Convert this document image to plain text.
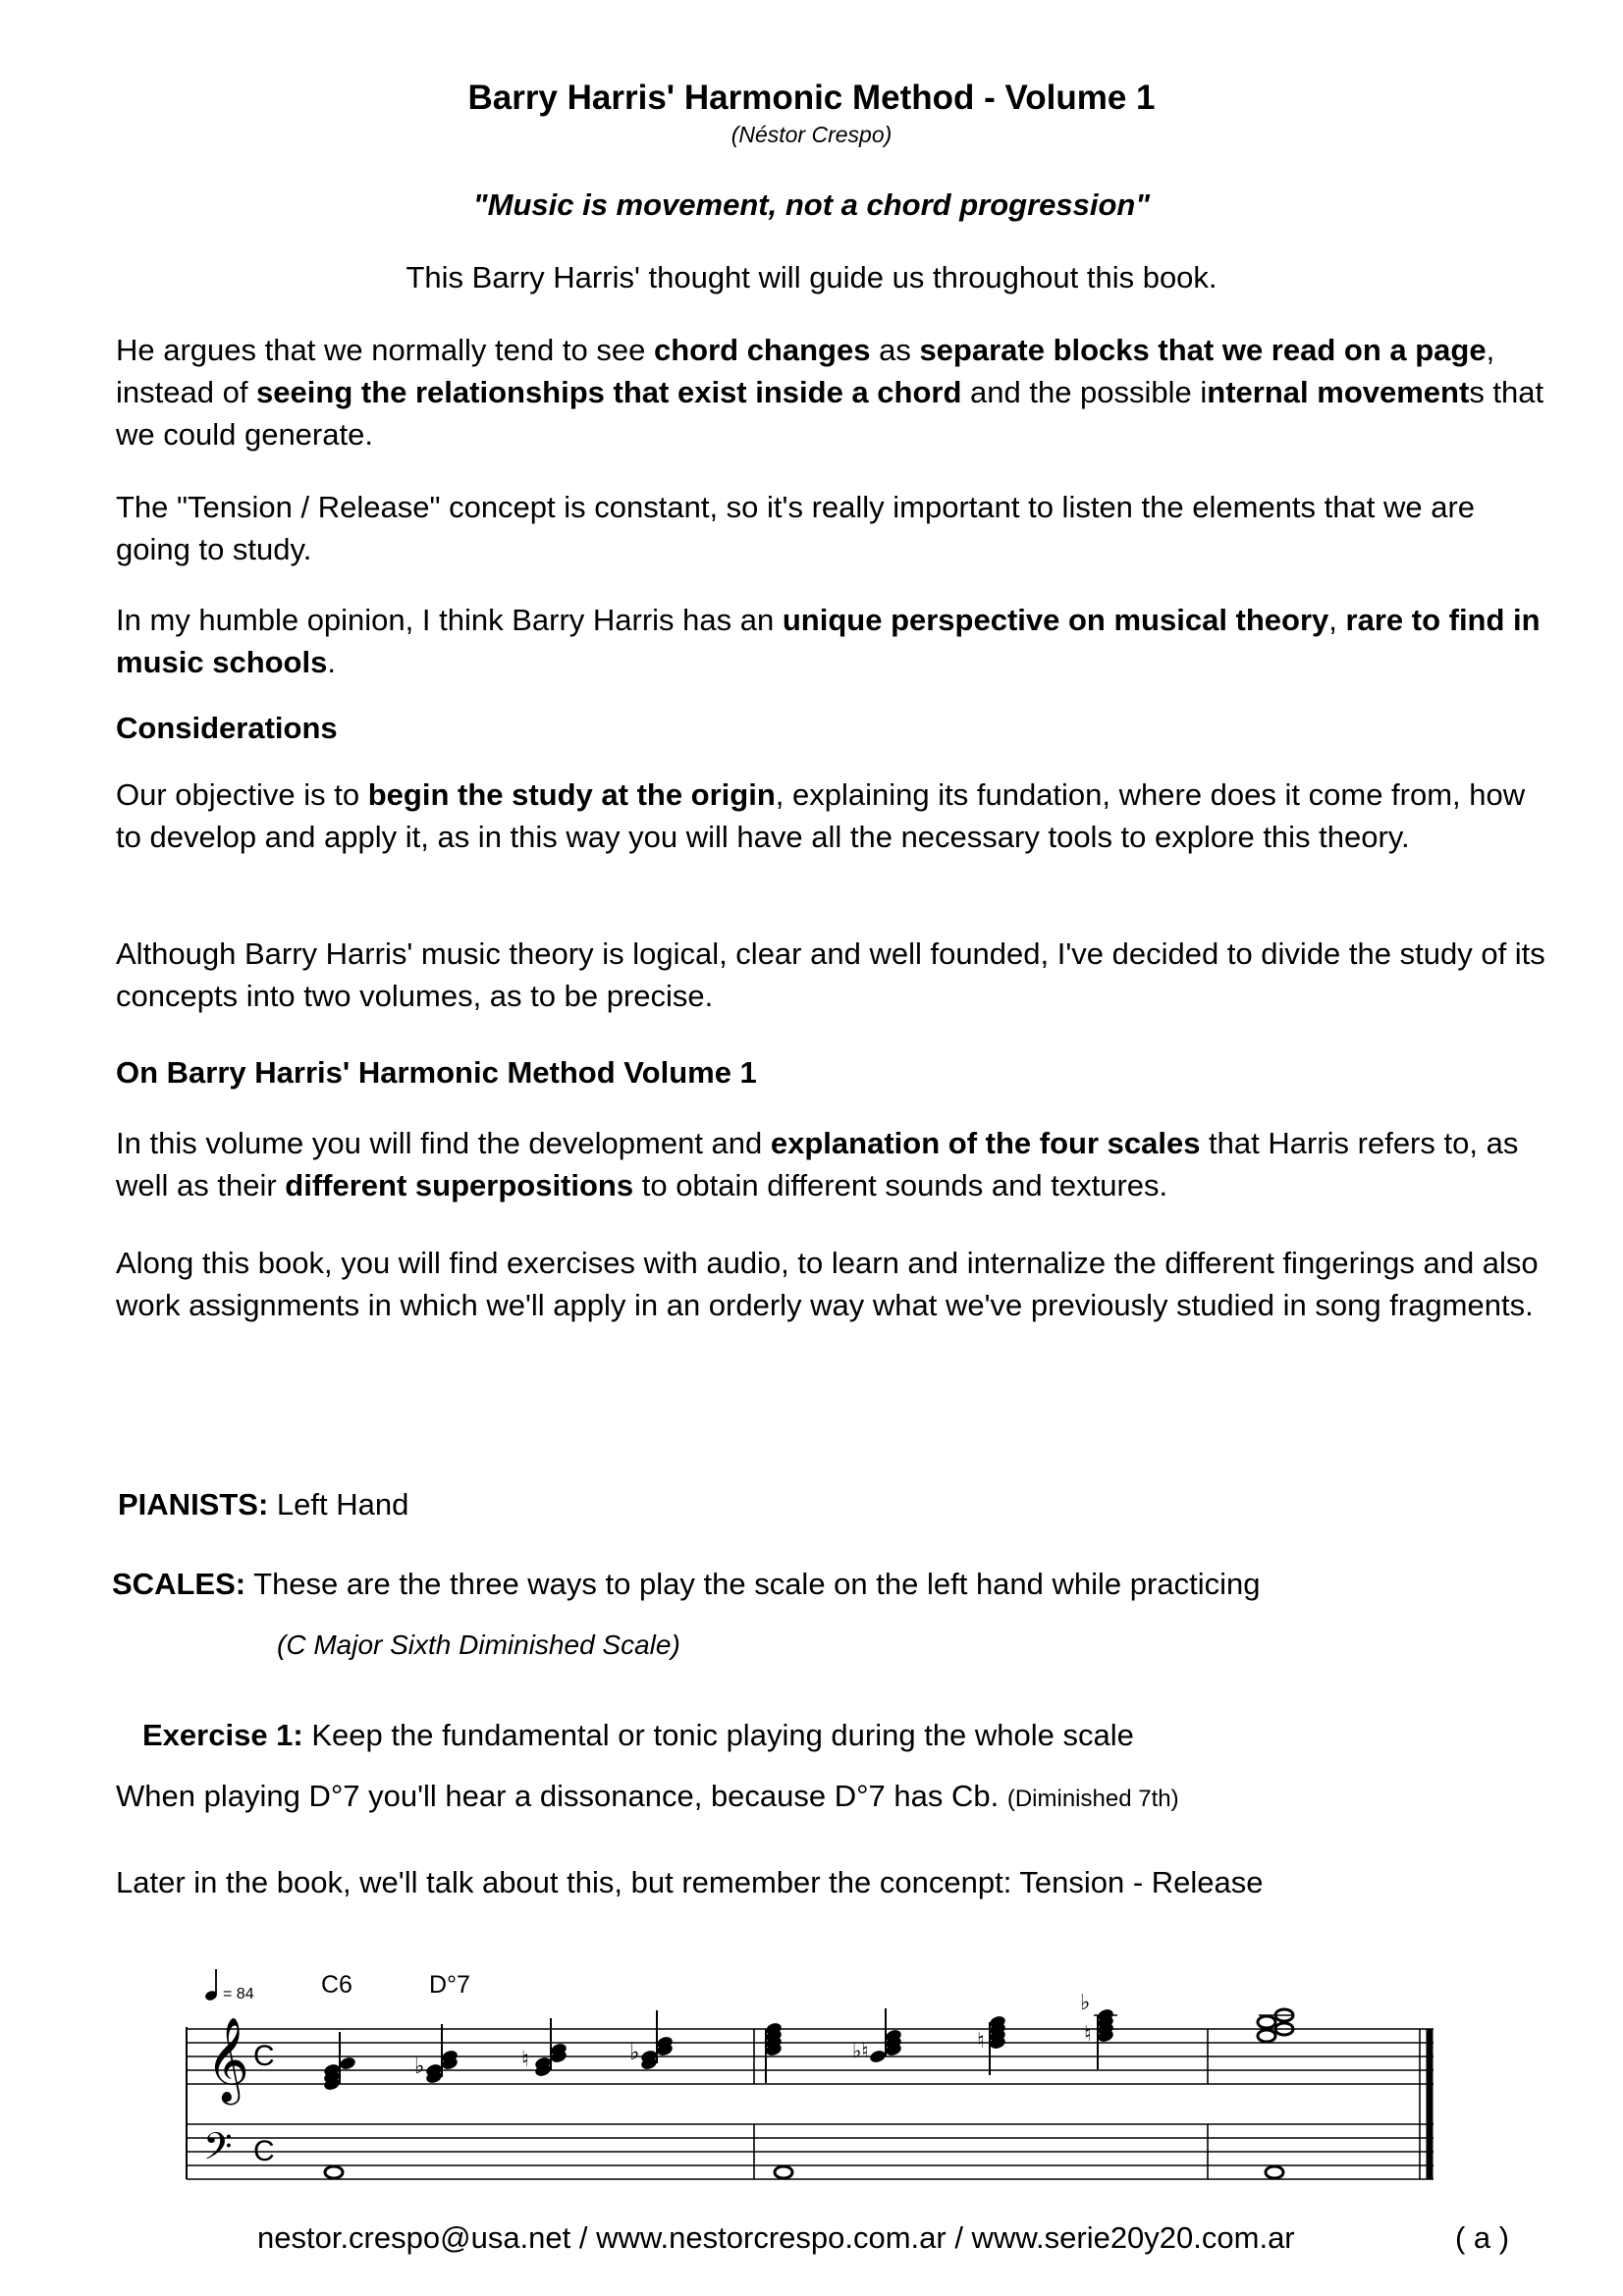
Barry Harris' Harmonic Method - Volume 1
(Néstor Crespo)
"Music is movement, not a chord progression"
This Barry Harris' thought will guide us throughout this book.

He argues that we normally tend to see chord changes as separate blocks that we read on a page, instead of seeing the relationships that exist inside a chord and the possible internal movements that we could generate.

The "Tension / Release" concept is constant, so it's really important to listen the elements that we are going to study.

In my humble opinion, I think Barry Harris has an unique perspective on musical theory, rare to find in music schools.

Considerations

Our objective is to begin the study at the origin, explaining its fundation, where does it come from, how to develop and apply it, as in this way you will have all the necessary tools to explore this theory.

Although Barry Harris' music theory is logical, clear and well founded, I've decided to divide the study of its concepts into two volumes, as to be precise.

On Barry Harris' Harmonic Method Volume 1

In this volume you will find the development and explanation of the four scales that Harris refers to, as well as their different superpositions to obtain different sounds and textures.

Along this book, you will find exercises with audio, to learn and internalize the different fingerings and also work assignments in which we'll apply in an orderly way what we've previously studied in song fragments.

PIANISTS: Left Hand
SCALES: These are the three ways to play the scale on the left hand while practicing
(C Major Sixth Diminished Scale)
Exercise 1: Keep the fundamental or tonic playing during the whole scale
When playing D°7 you'll hear a dissonance, because D°7 has Cb. (Diminished 7th)
Later in the book, we'll talk about this, but remember the concenpt: Tension - Release
= 84	C6	D°7
𝄞
𝄢
C
C
♭	♮	♭	♭♮	♮	♮
♭
nestor.crespo@usa.net / www.nestorcrespo.com.ar / www.serie20y20.com.ar	( a )
